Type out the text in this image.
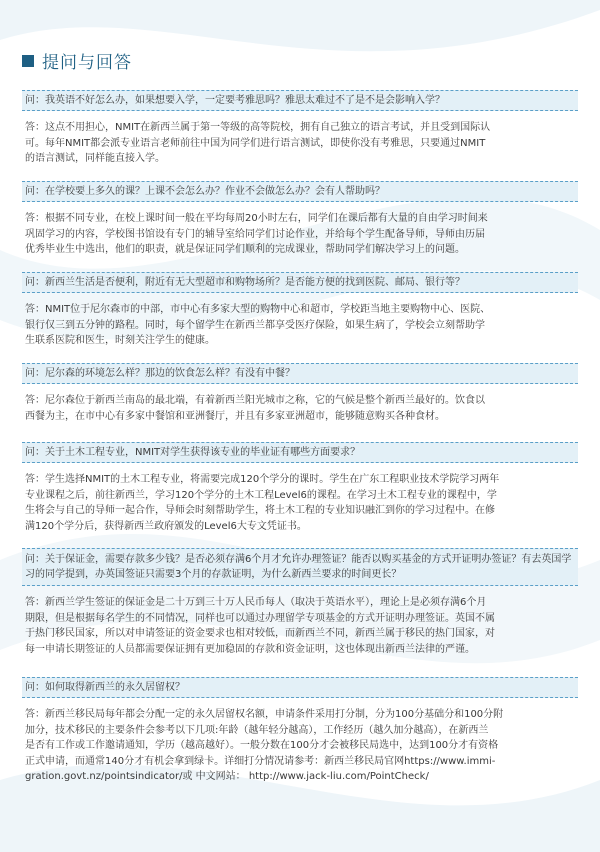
提问与回答
问：我英语不好怎么办，如果想要入学，一定要考雅思吗？雅思太难过不了是不是会影响入学？
答：这点不用担心，NMIT在新西兰属于第一等级的高等院校，拥有自己独立的语言考试，并且受到国际认
可。每年NMIT都会派专业语言老师前往中国为同学们进行语言测试，即使你没有考雅思，只要通过NMIT
的语言测试，同样能直接入学。
问：在学校要上多久的课？上课不会怎么办？作业不会做怎么办？会有人帮助吗？
答：根据不同专业，在校上课时间一般在平均每周20小时左右，同学们在课后都有大量的自由学习时间来
巩固学习的内容，学校图书馆设有专门的辅导室给同学们讨论作业，并给每个学生配备导师，导师由历届
优秀毕业生中选出，他们的职责，就是保证同学们顺利的完成课业，帮助同学们解决学习上的问题。
问：新西兰生活是否便利，附近有无大型超市和购物场所？是否能方便的找到医院、邮局、银行等？
答：NMIT位于尼尔森市的中部，市中心有多家大型的购物中心和超市，学校距当地主要购物中心、医院、
银行仅三到五分钟的路程。同时，每个留学生在新西兰都享受医疗保险，如果生病了，学校会立刻帮助学
生联系医院和医生，时刻关注学生的健康。
问：尼尔森的环境怎么样？那边的饮食怎么样？有没有中餐？
答：尼尔森位于新西兰南岛的最北端，有着新西兰阳光城市之称，它的气候是整个新西兰最好的。饮食以
西餐为主，在市中心有多家中餐馆和亚洲餐厅，并且有多家亚洲超市，能够随意购买各种食材。
问：关于土木工程专业，NMIT对学生获得该专业的毕业证有哪些方面要求？
答：学生选择NMIT的土木工程专业，将需要完成120个学分的课时。学生在广东工程职业技术学院学习两年
专业课程之后，前往新西兰，学习120个学分的土木工程Level6的课程。在学习土木工程专业的课程中，学
生将会与自己的导师一起合作，导师会时刻帮助学生，将土木工程的专业知识融汇到你的学习过程中。在修
满120个学分后，获得新西兰政府颁发的Level6大专文凭证书。
问：关于保证金，需要存款多少钱？是否必须存满6个月才允许办理签证？能否以购买基金的方式开证明办签证？有去英国学习的同学提到，办英国签证只需要3个月的存款证明，为什么新西兰要求的时间更长？
答：新西兰学生签证的保证金是二十万到三十万人民币每人（取决于英语水平），理论上是必须存满6个月
期限，但是根据每名学生的不同情况，同样也可以通过办理留学专项基金的方式开证明办理签证。英国不属
于热门移民国家，所以对申请签证的资金要求也相对较低，而新西兰不同，新西兰属于移民的热门国家，对
每一申请长期签证的人员都需要保证拥有更加稳固的存款和资金证明，这也体现出新西兰法律的严谨。
问：如何取得新西兰的永久居留权？
答：新西兰移民局每年都会分配一定的永久居留权名额，申请条件采用打分制，分为100分基础分和100分附
加分，技术移民的主要条件会参考以下几项:年龄（越年轻分越高），工作经历（越久加分越高），在新西兰
是否有工作或工作邀请通知，学历（越高越好）。一般分数在100分才会被移民局选中，达到100分才有资格
正式申请，而通常140分才有机会拿到绿卡。详细打分情况请参考：新西兰移民局官网https://www.immi-
gration.govt.nz/pointsindicator/或 中文网站： http://www.jack-liu.com/PointCheck/
